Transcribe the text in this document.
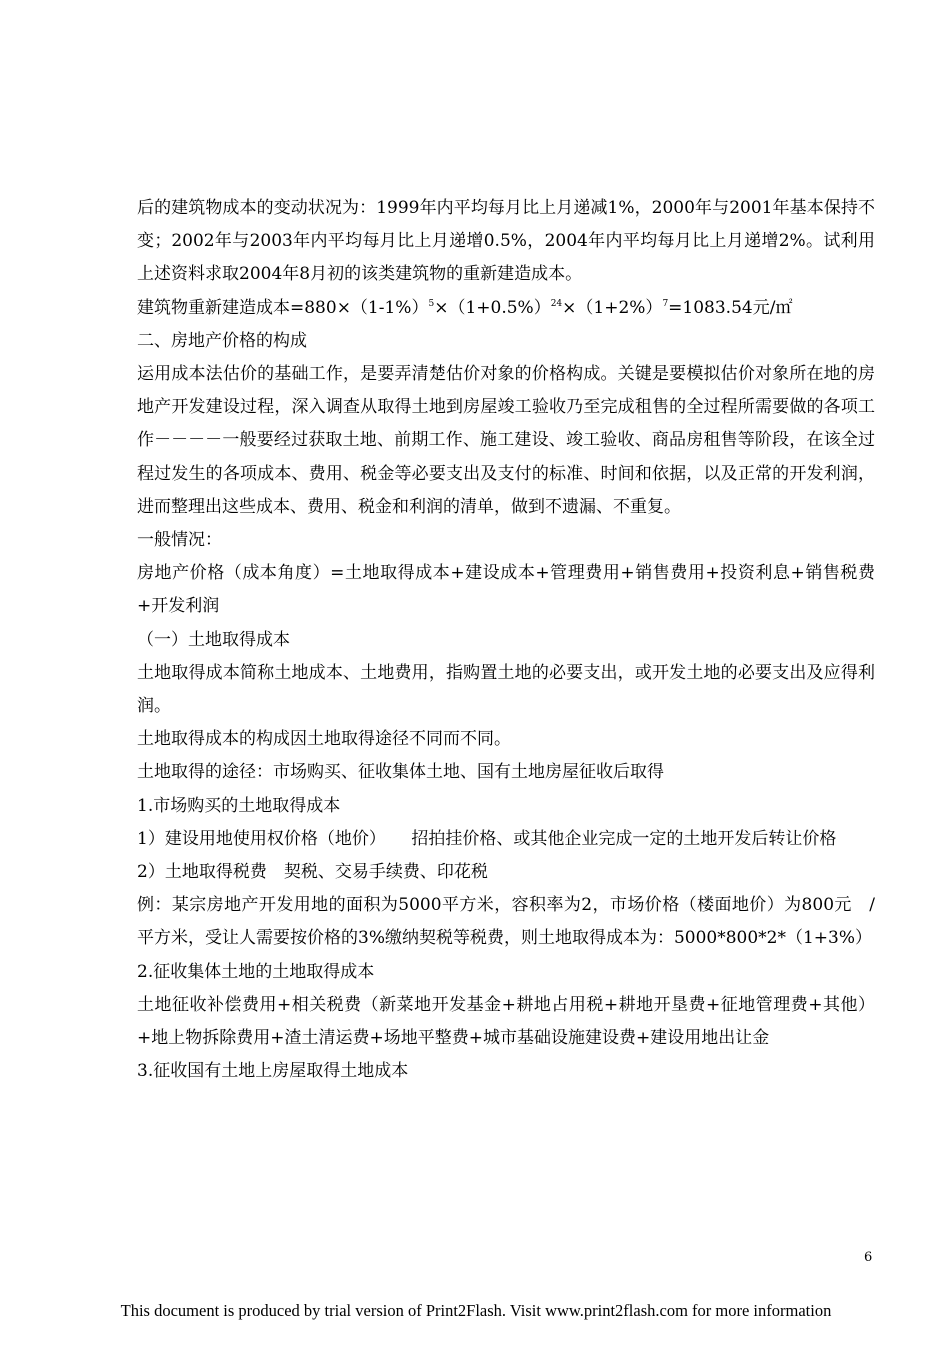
后的建筑物成本的变动状况为：1999年内平均每月比上月递减1%，2000年与2001年基本保持不变；2002年与2003年内平均每月比上月递增0.5%，2004年内平均每月比上月递增2%。试利用上述资料求取2004年8月初的该类建筑物的重新建造成本。

建筑物重新建造成本$=880\times(1-1\%)^5\times(1+0.5\%)^{24}\times(1+2\%)^7=1083.54$元/㎡

二、房地产价格的构成

运用成本法估价的基础工作，是要弄清楚估价对象的价格构成。关键是要模拟估价对象所在地的房地产开发建设过程，深入调查从取得土地到房屋竣工验收乃至完成租售的全过程所需要做的各项工作－－－－一般要经过获取土地、前期工作、施工建设、竣工验收、商品房租售等阶段，在该全过程过发生的各项成本、费用、税金等必要支出及支付的标准、时间和依据，以及正常的开发利润，进而整理出这些成本、费用、税金和利润的清单，做到不遗漏、不重复。

一般情况：

房地产价格（成本角度）=土地取得成本+建设成本+管理费用+销售费用+投资利息+销售税费+开发利润

（一）土地取得成本

土地取得成本简称土地成本、土地费用，指购置土地的必要支出，或开发土地的必要支出及应得利润。

土地取得成本的构成因土地取得途径不同而不同。

土地取得的途径：市场购买、征收集体土地、国有土地房屋征收后取得

1.市场购买的土地取得成本

1）建设用地使用权价格（地价）　　招拍挂价格、或其他企业完成一定的土地开发后转让价格

2）土地取得税费　契税、交易手续费、印花税

例：某宗房地产开发用地的面积为5000平方米，容积率为2，市场价格（楼面地价）为800元　/平方米，受让人需要按价格的3%缴纳契税等税费，则土地取得成本为：5000*800*2*（1+3%）

2.征收集体土地的土地取得成本

土地征收补偿费用+相关税费（新菜地开发基金+耕地占用税+耕地开垦费+征地管理费+其他）+地上物拆除费用+渣土清运费+场地平整费+城市基础设施建设费+建设用地出让金

3.征收国有土地上房屋取得土地成本

6
This document is produced by trial version of Print2Flash. Visit www.print2flash.com for more information
